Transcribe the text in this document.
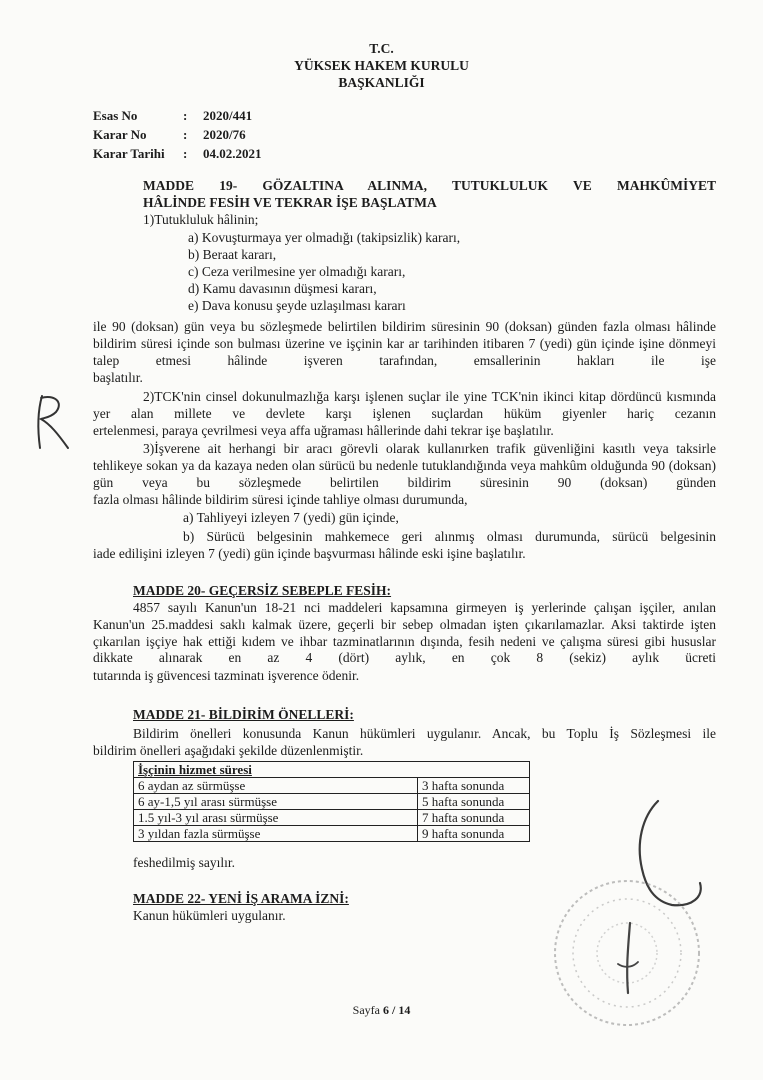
T.C.
YÜKSEK HAKEM KURULU
BAŞKANLIĞI
Esas No	:	2020/441
Karar No	:	2020/76
Karar Tarihi	:	04.02.2021
MADDE 19- GÖZALTINA ALINMA, TUTUKLULUK VE MAHKÛMİYET
HÂLİNDE FESİH VE TEKRAR İŞE BAŞLATMA
1)Tutukluluk hâlinin;
a) Kovuşturmaya yer olmadığı (takipsizlik) kararı,
b) Beraat kararı,
c) Ceza verilmesine yer olmadığı kararı,
d) Kamu davasının düşmesi kararı,
e) Dava konusu şeyde uzlaşılması kararı
ile 90 (doksan) gün veya bu sözleşmede belirtilen bildirim süresinin 90 (doksan) günden fazla olması hâlinde bildirim süresi içinde son bulması üzerine ve işçinin kar ar tarihinden itibaren 7 (yedi) gün içinde işine dönmeyi talep etmesi hâlinde işveren tarafından, emsallerinin hakları ile işe
başlatılır.
2)TCK'nin cinsel dokunulmazlığa karşı işlenen suçlar ile yine TCK'nin ikinci kitap dördüncü kısmında yer alan millete ve devlete karşı işlenen suçlardan hüküm giyenler hariç cezanın
ertelenmesi, paraya çevrilmesi veya affa uğraması hâllerinde dahi tekrar işe başlatılır.
3)İşverene ait herhangi bir aracı görevli olarak kullanırken trafik güvenliğini kasıtlı veya taksirle tehlikeye sokan ya da kazaya neden olan sürücü bu nedenle tutuklandığında veya mahkûm olduğunda 90 (doksan) gün veya bu sözleşmede belirtilen bildirim süresinin 90 (doksan) günden
fazla olması hâlinde bildirim süresi içinde tahliye olması durumunda,
a) Tahliyeyi izleyen 7 (yedi) gün içinde,
b) Sürücü belgesinin mahkemece geri alınmış olması durumunda, sürücü belgesinin
iade edilişini izleyen 7 (yedi) gün içinde başvurması hâlinde eski işine başlatılır.
MADDE 20- GEÇERSİZ SEBEPLE FESİH:
4857 sayılı Kanun'un 18-21 nci maddeleri kapsamına girmeyen iş yerlerinde çalışan işçiler, anılan Kanun'un 25.maddesi saklı kalmak üzere, geçerli bir sebep olmadan işten çıkarılamazlar. Aksi taktirde işten çıkarılan işçiye hak ettiği kıdem ve ihbar tazminatlarının dışında, fesih nedeni ve çalışma süresi gibi hususlar dikkate alınarak en az 4 (dört) aylık, en çok 8 (sekiz) aylık ücreti
tutarında iş güvencesi tazminatı işverence ödenir.
MADDE 21- BİLDİRİM ÖNELLERİ:
Bildirim önelleri konusunda Kanun hükümleri uygulanır. Ancak, bu Toplu İş Sözleşmesi ile
bildirim önelleri aşağıdaki şekilde düzenlenmiştir.
İşçinin hizmet süresi	
6 aydan az sürmüşse	3 hafta sonunda
6 ay-1,5 yıl arası sürmüşse	5 hafta sonunda
1.5 yıl-3 yıl arası sürmüşse	7 hafta sonunda
3 yıldan fazla sürmüşse	9 hafta sonunda
feshedilmiş sayılır.
MADDE 22- YENİ İŞ ARAMA İZNİ:
Kanun hükümleri uygulanır.
Sayfa 6 / 14
